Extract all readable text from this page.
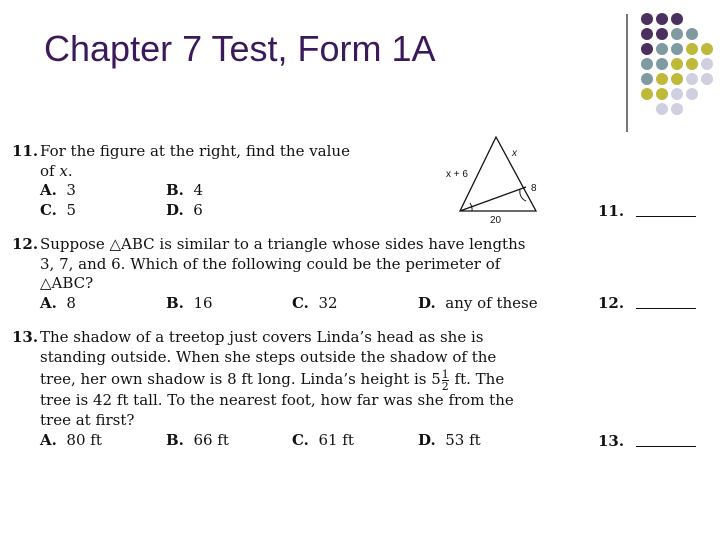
Chapter 7 Test, Form 1A
11. For the figure at the right, find the value
of x.
A. 3	B. 4
C. 5	D. 6
x + 6
x
8
20
11.
12. Suppose △ABC is similar to a triangle whose sides have lengths
3, 7, and 6. Which of the following could be the perimeter of
△ABC?
A. 8	B. 16	C. 32	D. any of these	12.
13. The shadow of a treetop just covers Linda’s head as she is
standing outside. When she steps outside the shadow of the
tree, her own shadow is 8 ft long. Linda’s height is $5 \frac{1}{2}$ ft. The
tree is 42 ft tall. To the nearest foot, how far was she from the
tree at first?
A. 80 ft	B. 66 ft	C. 61 ft	D. 53 ft	13.
